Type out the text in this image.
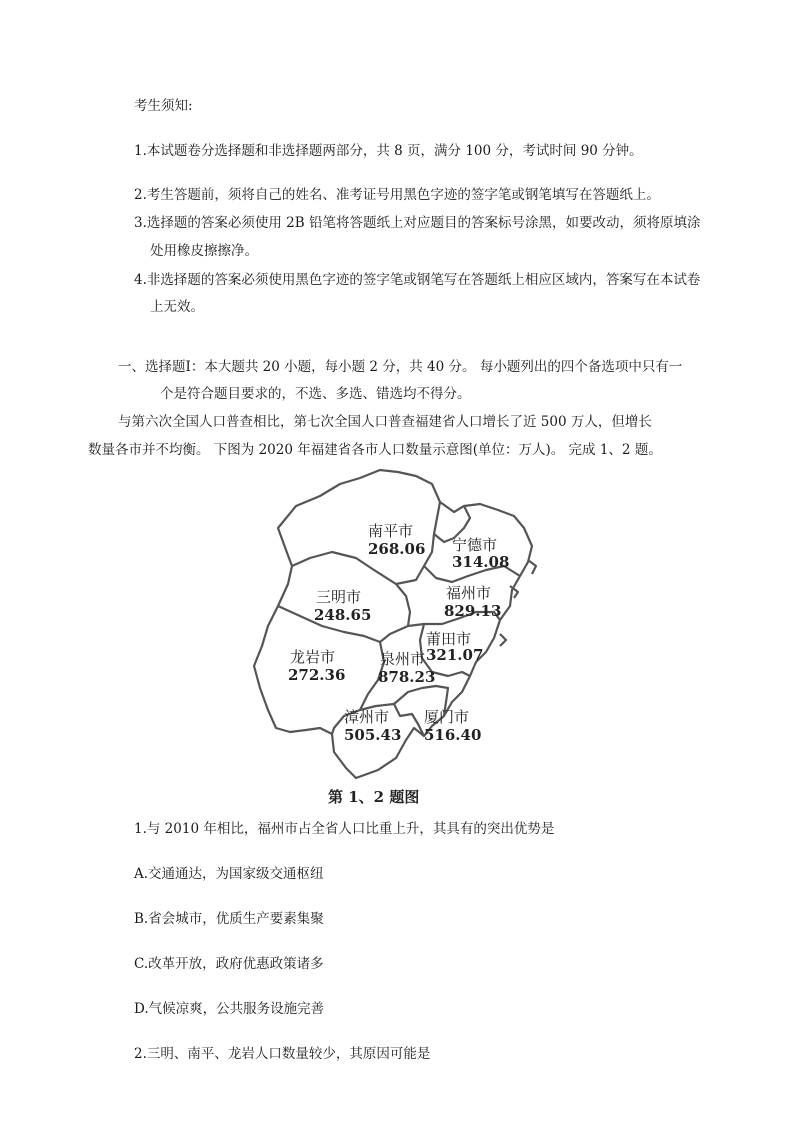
考生须知:
1.本试题卷分选择题和非选择题两部分，共 8 页，满分 100 分，考试时间 90 分钟。
2.考生答题前，须将自己的姓名、准考证号用黑色字迹的签字笔或钢笔填写在答题纸上。
3.选择题的答案必须使用 2B 铅笔将答题纸上对应题目的答案标号涂黑，如要改动，须将原填涂
处用橡皮擦擦净。
4.非选择题的答案必须使用黑色字迹的签字笔或钢笔写在答题纸上相应区域内，答案写在本试卷
上无效。
一、选择题Ⅰ：本大题共 20 小题，每小题 2 分，共 40 分。 每小题列出的四个备选项中只有一
个是符合题目要求的，不选、多选、错选均不得分。
与第六次全国人口普查相比，第七次全国人口普查福建省人口增长了近 500 万人，但增长
数量各市并不均衡。 下图为 2020 年福建省各市人口数量示意图(单位：万人)。 完成 1、2 题。
南平市
268.06 宁德市
314.08
三明市
248.65
福州市
829.13
莆田市
321.07
龙岩市
272.36
泉州市
878.23
漳州市
505.43
厦门市
516.40
第 1、2 题图
1.与 2010 年相比，福州市占全省人口比重上升，其具有的突出优势是
A.交通通达，为国家级交通枢纽
B.省会城市，优质生产要素集聚
C.改革开放，政府优惠政策诸多
D.气候凉爽，公共服务设施完善
2.三明、南平、龙岩人口数量较少，其原因可能是
